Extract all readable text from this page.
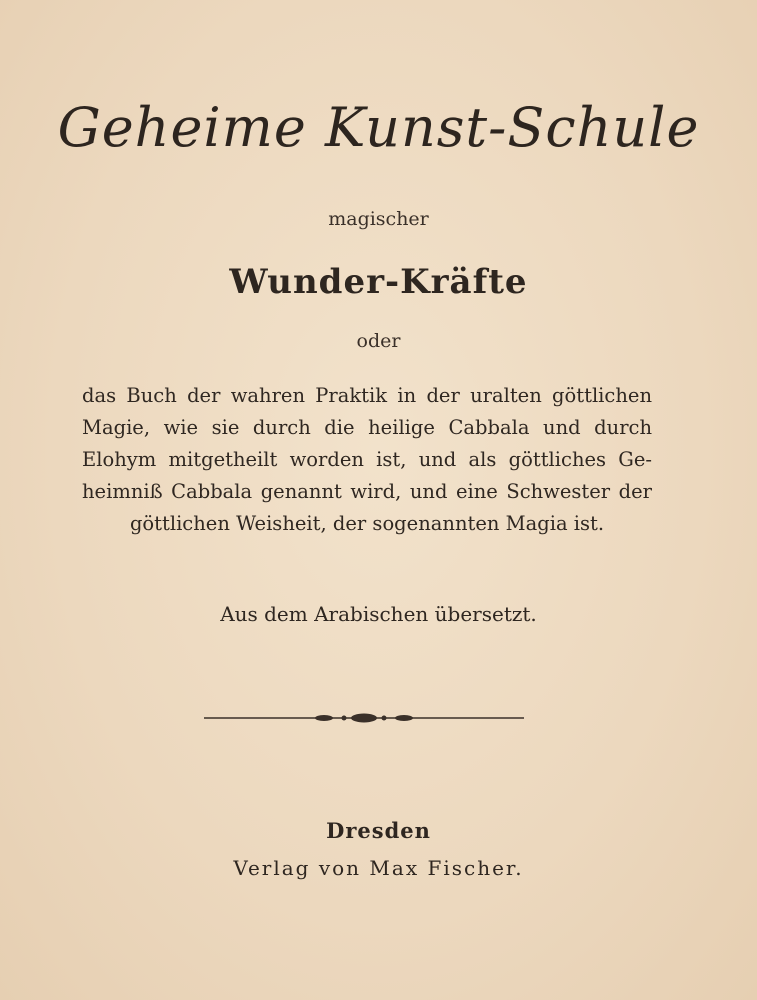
Geheime Kunst-Schule
magischer
Wunder-Kräfte
oder
das Buch der wahren Praktik in der uralten göttlichen
Magie, wie sie durch die heilige Cabbala und durch
Elohym mitgetheilt worden ist, und als göttliches Ge-
heimniß Cabbala genannt wird, und eine Schwester der
göttlichen Weisheit, der sogenannten Magia ist.
Aus dem Arabischen übersetzt.
Dresden
Verlag von Max Fischer.
